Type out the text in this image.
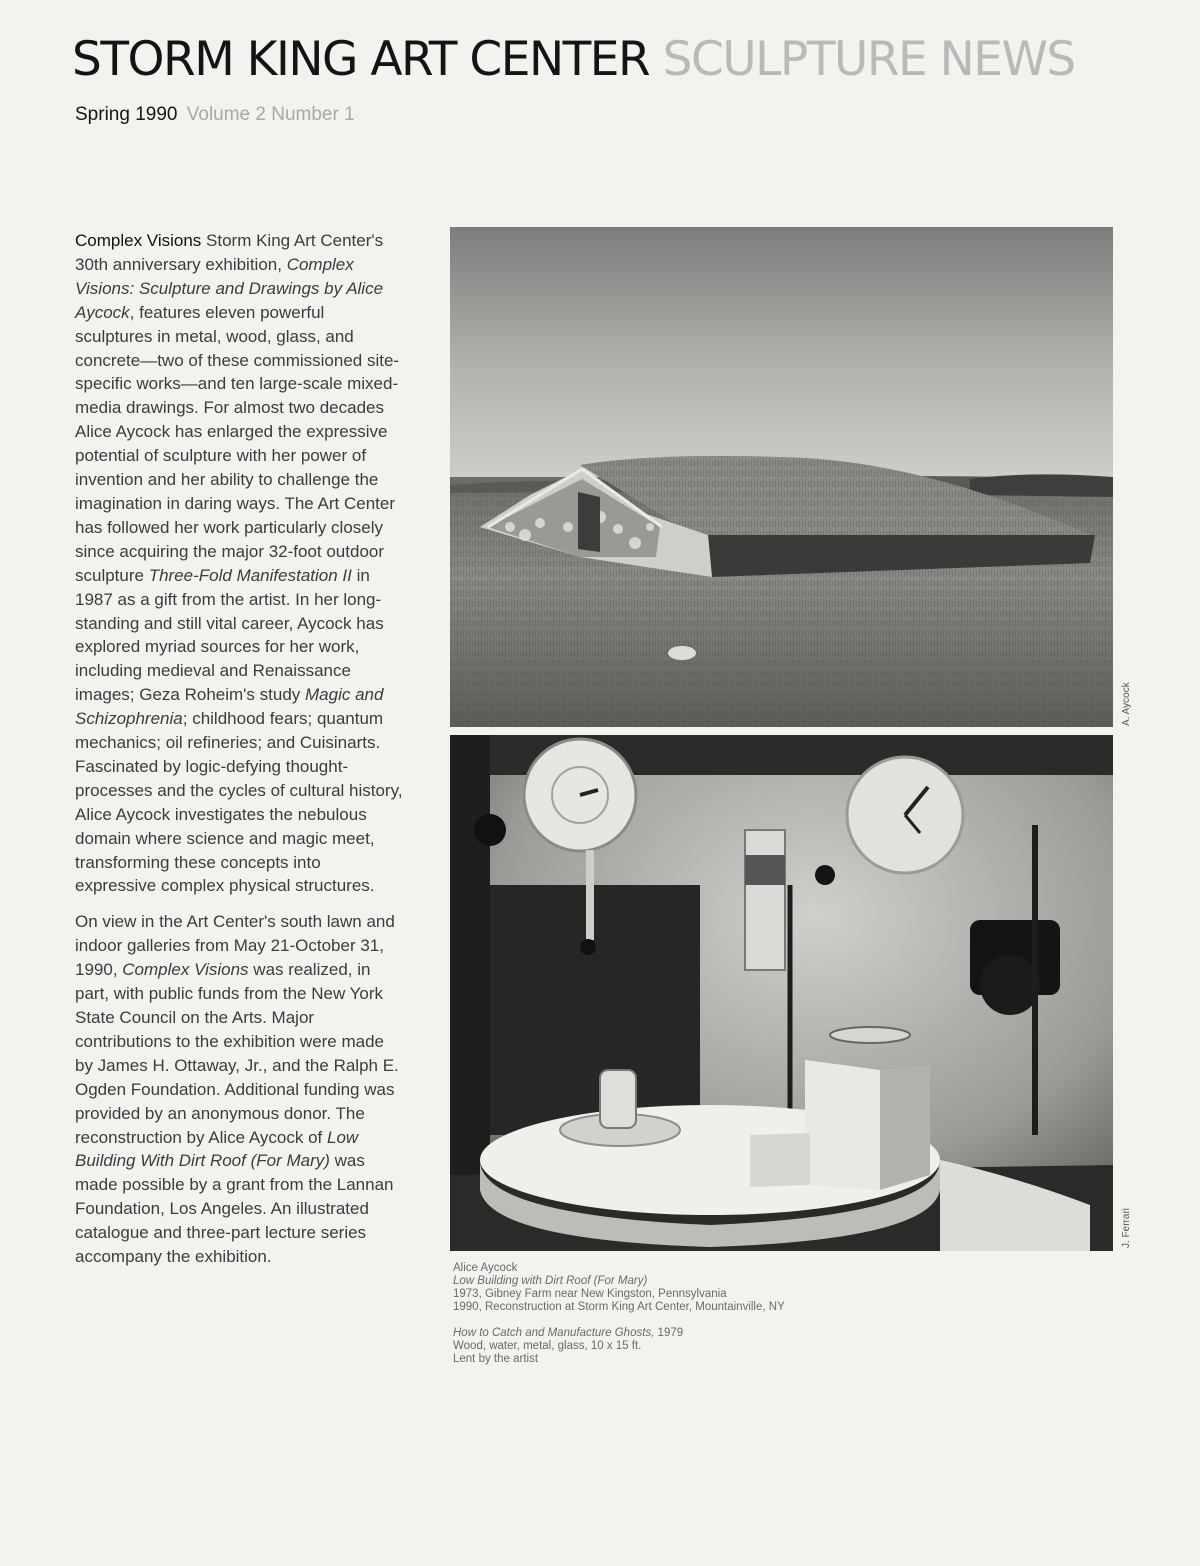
STORM KING ART CENTER SCULPTURE NEWS
Spring 1990 Volume 2 Number 1

Complex Visions Storm King Art Center's 30th anniversary exhibition, Complex Visions: Sculpture and Drawings by Alice Aycock, features eleven powerful sculptures in metal, wood, glass, and concrete—two of these commissioned site-specific works—and ten large-scale mixed-media drawings. For almost two decades Alice Aycock has enlarged the expressive potential of sculpture with her power of invention and her ability to challenge the imagination in daring ways. The Art Center has followed her work particularly closely since acquiring the major 32-foot outdoor sculpture Three-Fold Manifestation II in 1987 as a gift from the artist. In her long-standing and still vital career, Aycock has explored myriad sources for her work, including medieval and Renaissance images; Geza Roheim's study Magic and Schizophrenia; childhood fears; quantum mechanics; oil refineries; and Cuisinarts. Fascinated by logic-defying thought-processes and the cycles of cultural history, Alice Aycock investigates the nebulous domain where science and magic meet, transforming these concepts into expressive complex physical structures.

On view in the Art Center's south lawn and indoor galleries from May 21-October 31, 1990, Complex Visions was realized, in part, with public funds from the New York State Council on the Arts. Major contributions to the exhibition were made by James H. Ottaway, Jr., and the Ralph E. Ogden Foundation. Additional funding was provided by an anonymous donor. The reconstruction by Alice Aycock of Low Building With Dirt Roof (For Mary) was made possible by a grant from the Lannan Foundation, Los Angeles. An illustrated catalogue and three-part lecture series accompany the exhibition.

A. Aycock
J. Ferrari
Alice Aycock
Low Building with Dirt Roof (For Mary)
1973, Gibney Farm near New Kingston, Pennsylvania
1990, Reconstruction at Storm King Art Center, Mountainville, NY
How to Catch and Manufacture Ghosts, 1979
Wood, water, metal, glass, 10 x 15 ft.
Lent by the artist
